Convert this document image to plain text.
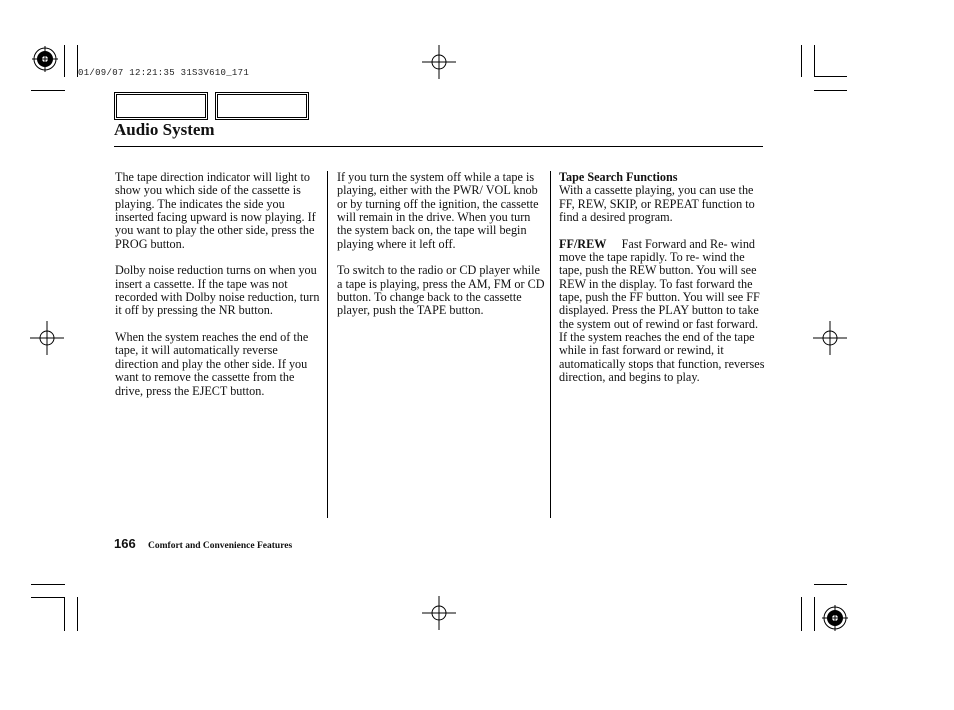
01/09/07 12:21:35 31S3V610_171
Audio System

The tape direction indicator will light to show you which side of the cassette is playing. The indicates the side you inserted facing upward is now playing. If you want to play the other side, press the PROG button.

Dolby noise reduction turns on when you insert a cassette. If the tape was not recorded with Dolby noise reduction, turn it off by pressing the NR button.

When the system reaches the end of the tape, it will automatically reverse direction and play the other side. If you want to remove the cassette from the drive, press the EJECT button.

If you turn the system off while a tape is playing, either with the PWR/ VOL knob or by turning off the ignition, the cassette will remain in the drive. When you turn the system back on, the tape will begin playing where it left off.

To switch to the radio or CD player while a tape is playing, press the AM, FM or CD button. To change back to the cassette player, push the TAPE button.

Tape Search Functions

With a cassette playing, you can use the FF, REW, SKIP, or REPEAT function to find a desired program.

FF/REW Fast Forward and Re- wind move the tape rapidly. To re- wind the tape, push the REW button. You will see REW in the display. To fast forward the tape, push the FF button. You will see FF displayed. Press the PLAY button to take the system out of rewind or fast forward. If the system reaches the end of the tape while in fast forward or rewind, it automatically stops that function, reverses direction, and begins to play.

166 Comfort and Convenience Features
